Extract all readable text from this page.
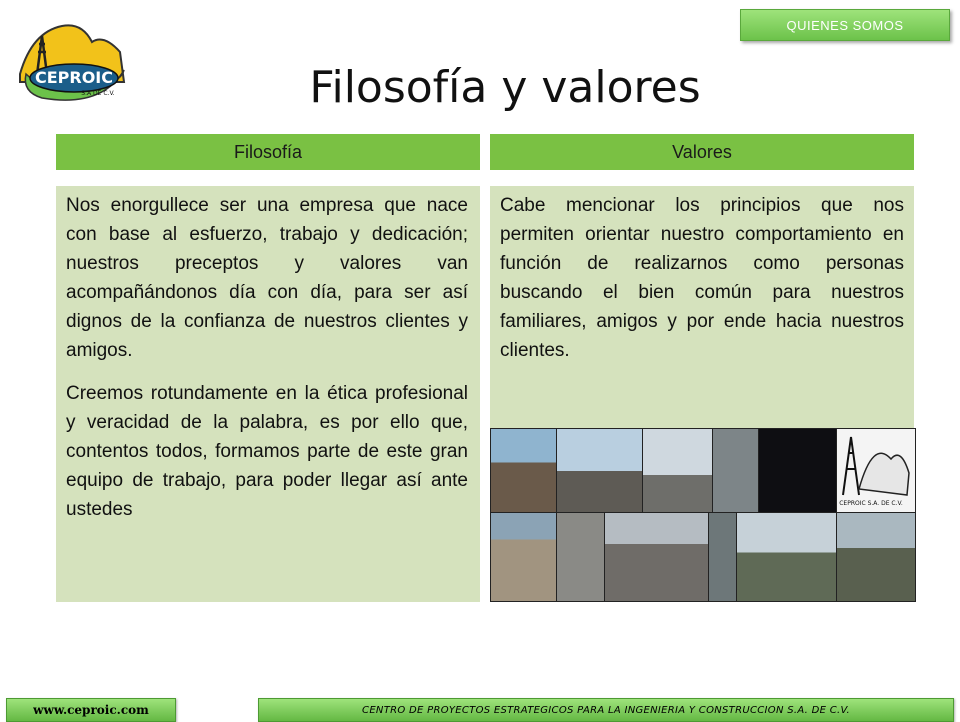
CEPROIC
S.A DE C.V.
QUIENES SOMOS
Filosofía y valores
Filosofía	Valores

Nos enorgullece ser una empresa que nace con base al esfuerzo, trabajo y dedicación; nuestros preceptos y valores van acompañándonos día con día, para ser así dignos de la confianza de nuestros clientes y amigos.

Creemos rotundamente en la ética profesional y veracidad de la palabra, es por ello que, contentos todos, formamos parte de este gran equipo de trabajo, para poder llegar así ante ustedes

Cabe mencionar los principios que nos permiten orientar nuestro comportamiento en función de realizarnos como personas buscando el bien común para nuestros familiares, amigos y por ende hacia nuestros clientes.
CEPROIC S.A. DE C.V.
www.ceproic.com	CENTRO DE PROYECTOS ESTRATEGICOS PARA LA INGENIERIA Y CONSTRUCCION S.A. DE C.V.
